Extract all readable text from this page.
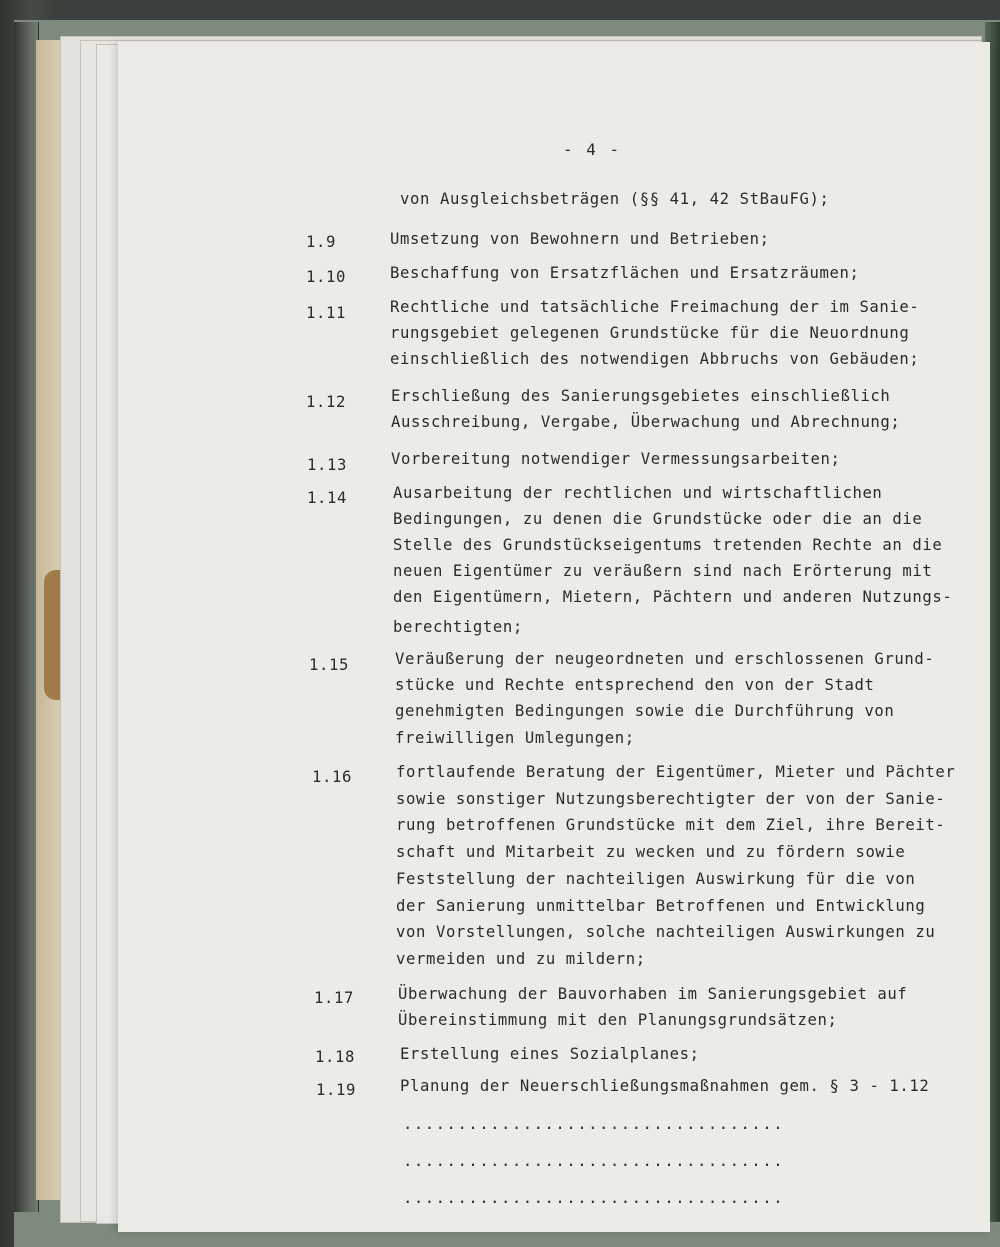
- 4 -
von Ausgleichsbeträgen (§§ 41, 42 StBauFG);
1.9	Umsetzung von Bewohnern und Betrieben;
1.10	Beschaffung von Ersatzflächen und Ersatzräumen;
1.11	Rechtliche und tatsächliche Freimachung der im Sanie-
rungsgebiet gelegenen Grundstücke für die Neuordnung
einschließlich des notwendigen Abbruchs von Gebäuden;
1.12	Erschließung des Sanierungsgebietes einschließlich
Ausschreibung, Vergabe, Überwachung und Abrechnung;
1.13	Vorbereitung notwendiger Vermessungsarbeiten;
1.14	Ausarbeitung der rechtlichen und wirtschaftlichen
Bedingungen, zu denen die Grundstücke oder die an die
Stelle des Grundstückseigentums tretenden Rechte an die
neuen Eigentümer zu veräußern sind nach Erörterung mit
den Eigentümern, Mietern, Pächtern und anderen Nutzungs-
berechtigten;
1.15	Veräußerung der neugeordneten und erschlossenen Grund-
stücke und Rechte entsprechend den von der Stadt
genehmigten Bedingungen sowie die Durchführung von
freiwilligen Umlegungen;
1.16	fortlaufende Beratung der Eigentümer, Mieter und Pächter
sowie sonstiger Nutzungsberechtigter der von der Sanie-
rung betroffenen Grundstücke mit dem Ziel, ihre Bereit-
schaft und Mitarbeit zu wecken und zu fördern sowie
Feststellung der nachteiligen Auswirkung für die von
der Sanierung unmittelbar Betroffenen und Entwicklung
von Vorstellungen, solche nachteiligen Auswirkungen zu
vermeiden und zu mildern;
1.17	Überwachung der Bauvorhaben im Sanierungsgebiet auf
Übereinstimmung mit den Planungsgrundsätzen;
1.18	Erstellung eines Sozialplanes;
1.19	Planung der Neuerschließungsmaßnahmen gem. § 3 - 1.12
...................................
...................................
...................................
